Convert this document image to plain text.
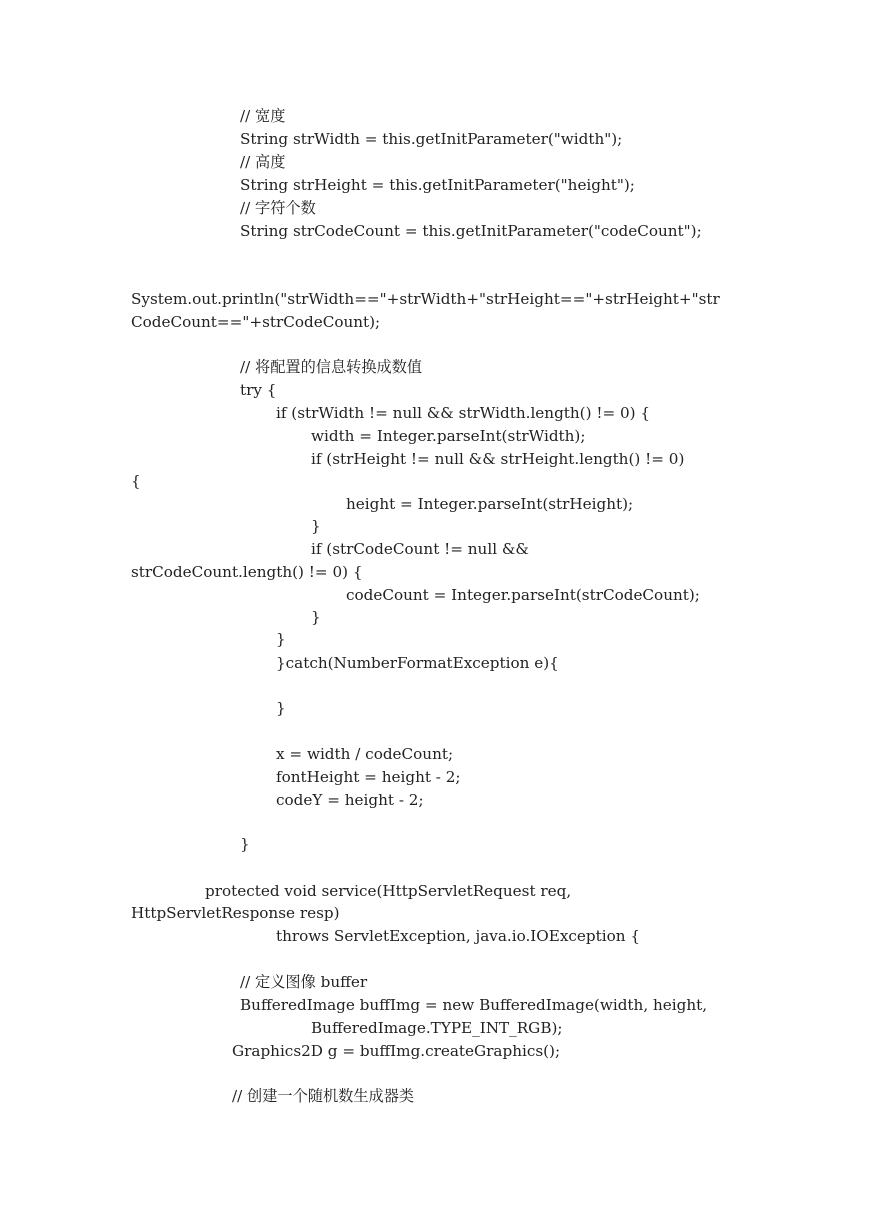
// 宽度
String strWidth = this.getInitParameter("width");
// 高度
String strHeight = this.getInitParameter("height");
// 字符个数
String strCodeCount = this.getInitParameter("codeCount");
System.out.println("strWidth=="+strWidth+"strHeight=="+strHeight+"str
CodeCount=="+strCodeCount);
// 将配置的信息转换成数值
try {
if (strWidth != null && strWidth.length() != 0) {
width = Integer.parseInt(strWidth);
if (strHeight != null && strHeight.length() != 0)
{
height = Integer.parseInt(strHeight);
}
if (strCodeCount != null &&
strCodeCount.length() != 0) {
codeCount = Integer.parseInt(strCodeCount);
}
}
}catch(NumberFormatException e){
}
x = width / codeCount;
fontHeight = height - 2;
codeY = height - 2;
}
protected void service(HttpServletRequest req,
HttpServletResponse resp)
throws ServletException, java.io.IOException {
// 定义图像 buffer
BufferedImage buffImg = new BufferedImage(width, height,
BufferedImage.TYPE_INT_RGB);
Graphics2D g = buffImg.createGraphics();
// 创建一个随机数生成器类
